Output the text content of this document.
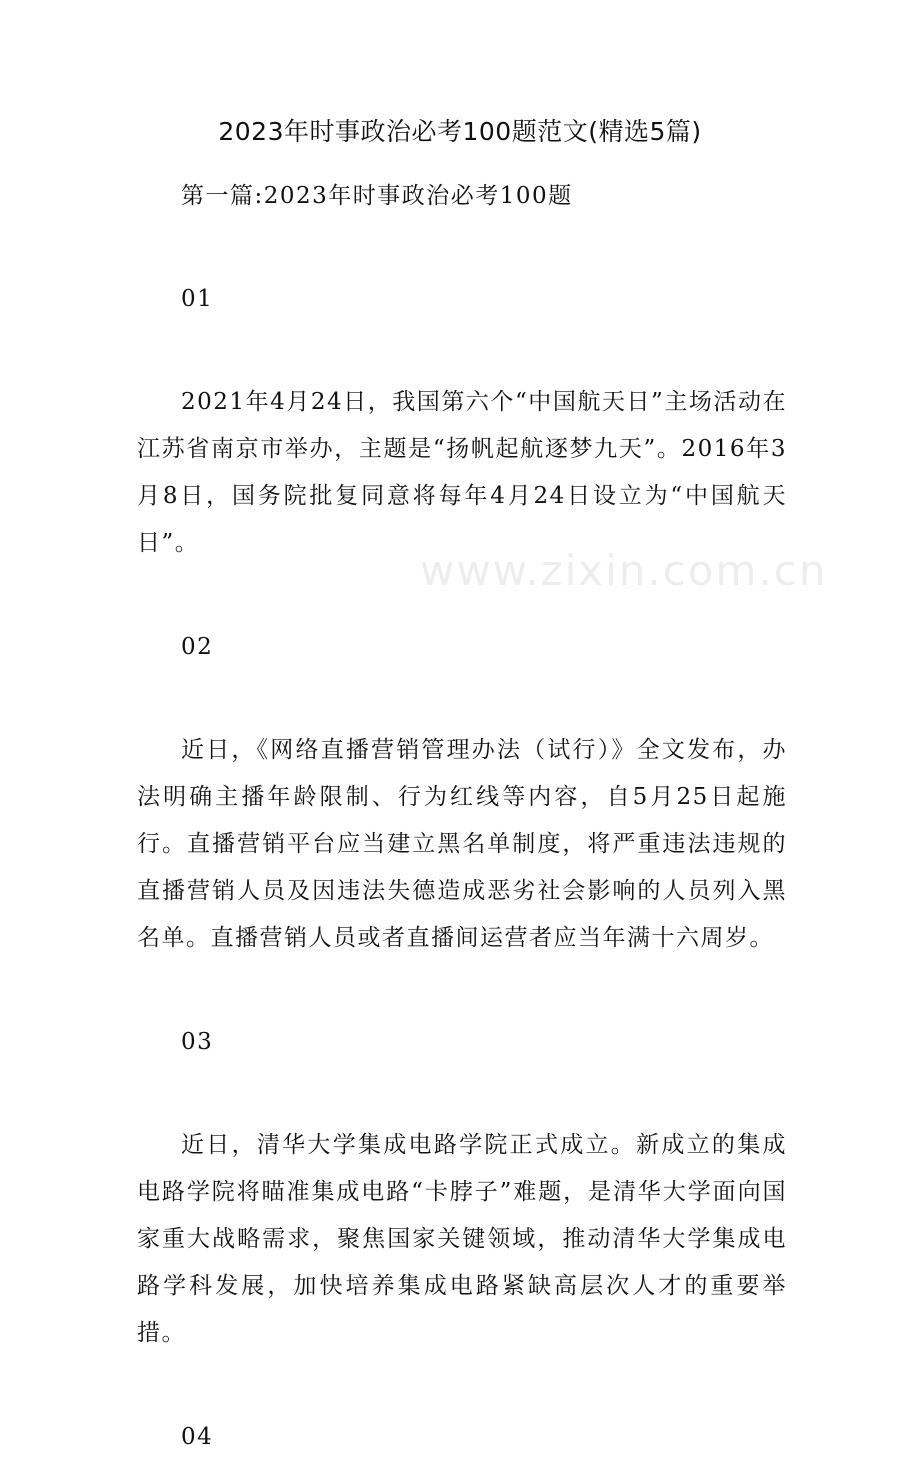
www.zixin.com.cn
2023年时事政治必考100题范文(精选5篇)

第一篇:2023年时事政治必考100题

01

2021年4月24日，我国第六个“中国航天日”主场活动在江苏省南京市举办，主题是“扬帆起航逐梦九天”。2016年3月8日，国务院批复同意将每年4月24日设立为“中国航天日”。

02

近日，《网络直播营销管理办法（试行）》全文发布，办法明确主播年龄限制、行为红线等内容，自5月25日起施行。直播营销平台应当建立黑名单制度，将严重违法违规的直播营销人员及因违法失德造成恶劣社会影响的人员列入黑名单。直播营销人员或者直播间运营者应当年满十六周岁。

03

近日，清华大学集成电路学院正式成立。新成立的集成电路学院将瞄准集成电路“卡脖子”难题，是清华大学面向国家重大战略需求，聚焦国家关键领域，推动清华大学集成电路学科发展，加快培养集成电路紧缺高层次人才的重要举措。

04
